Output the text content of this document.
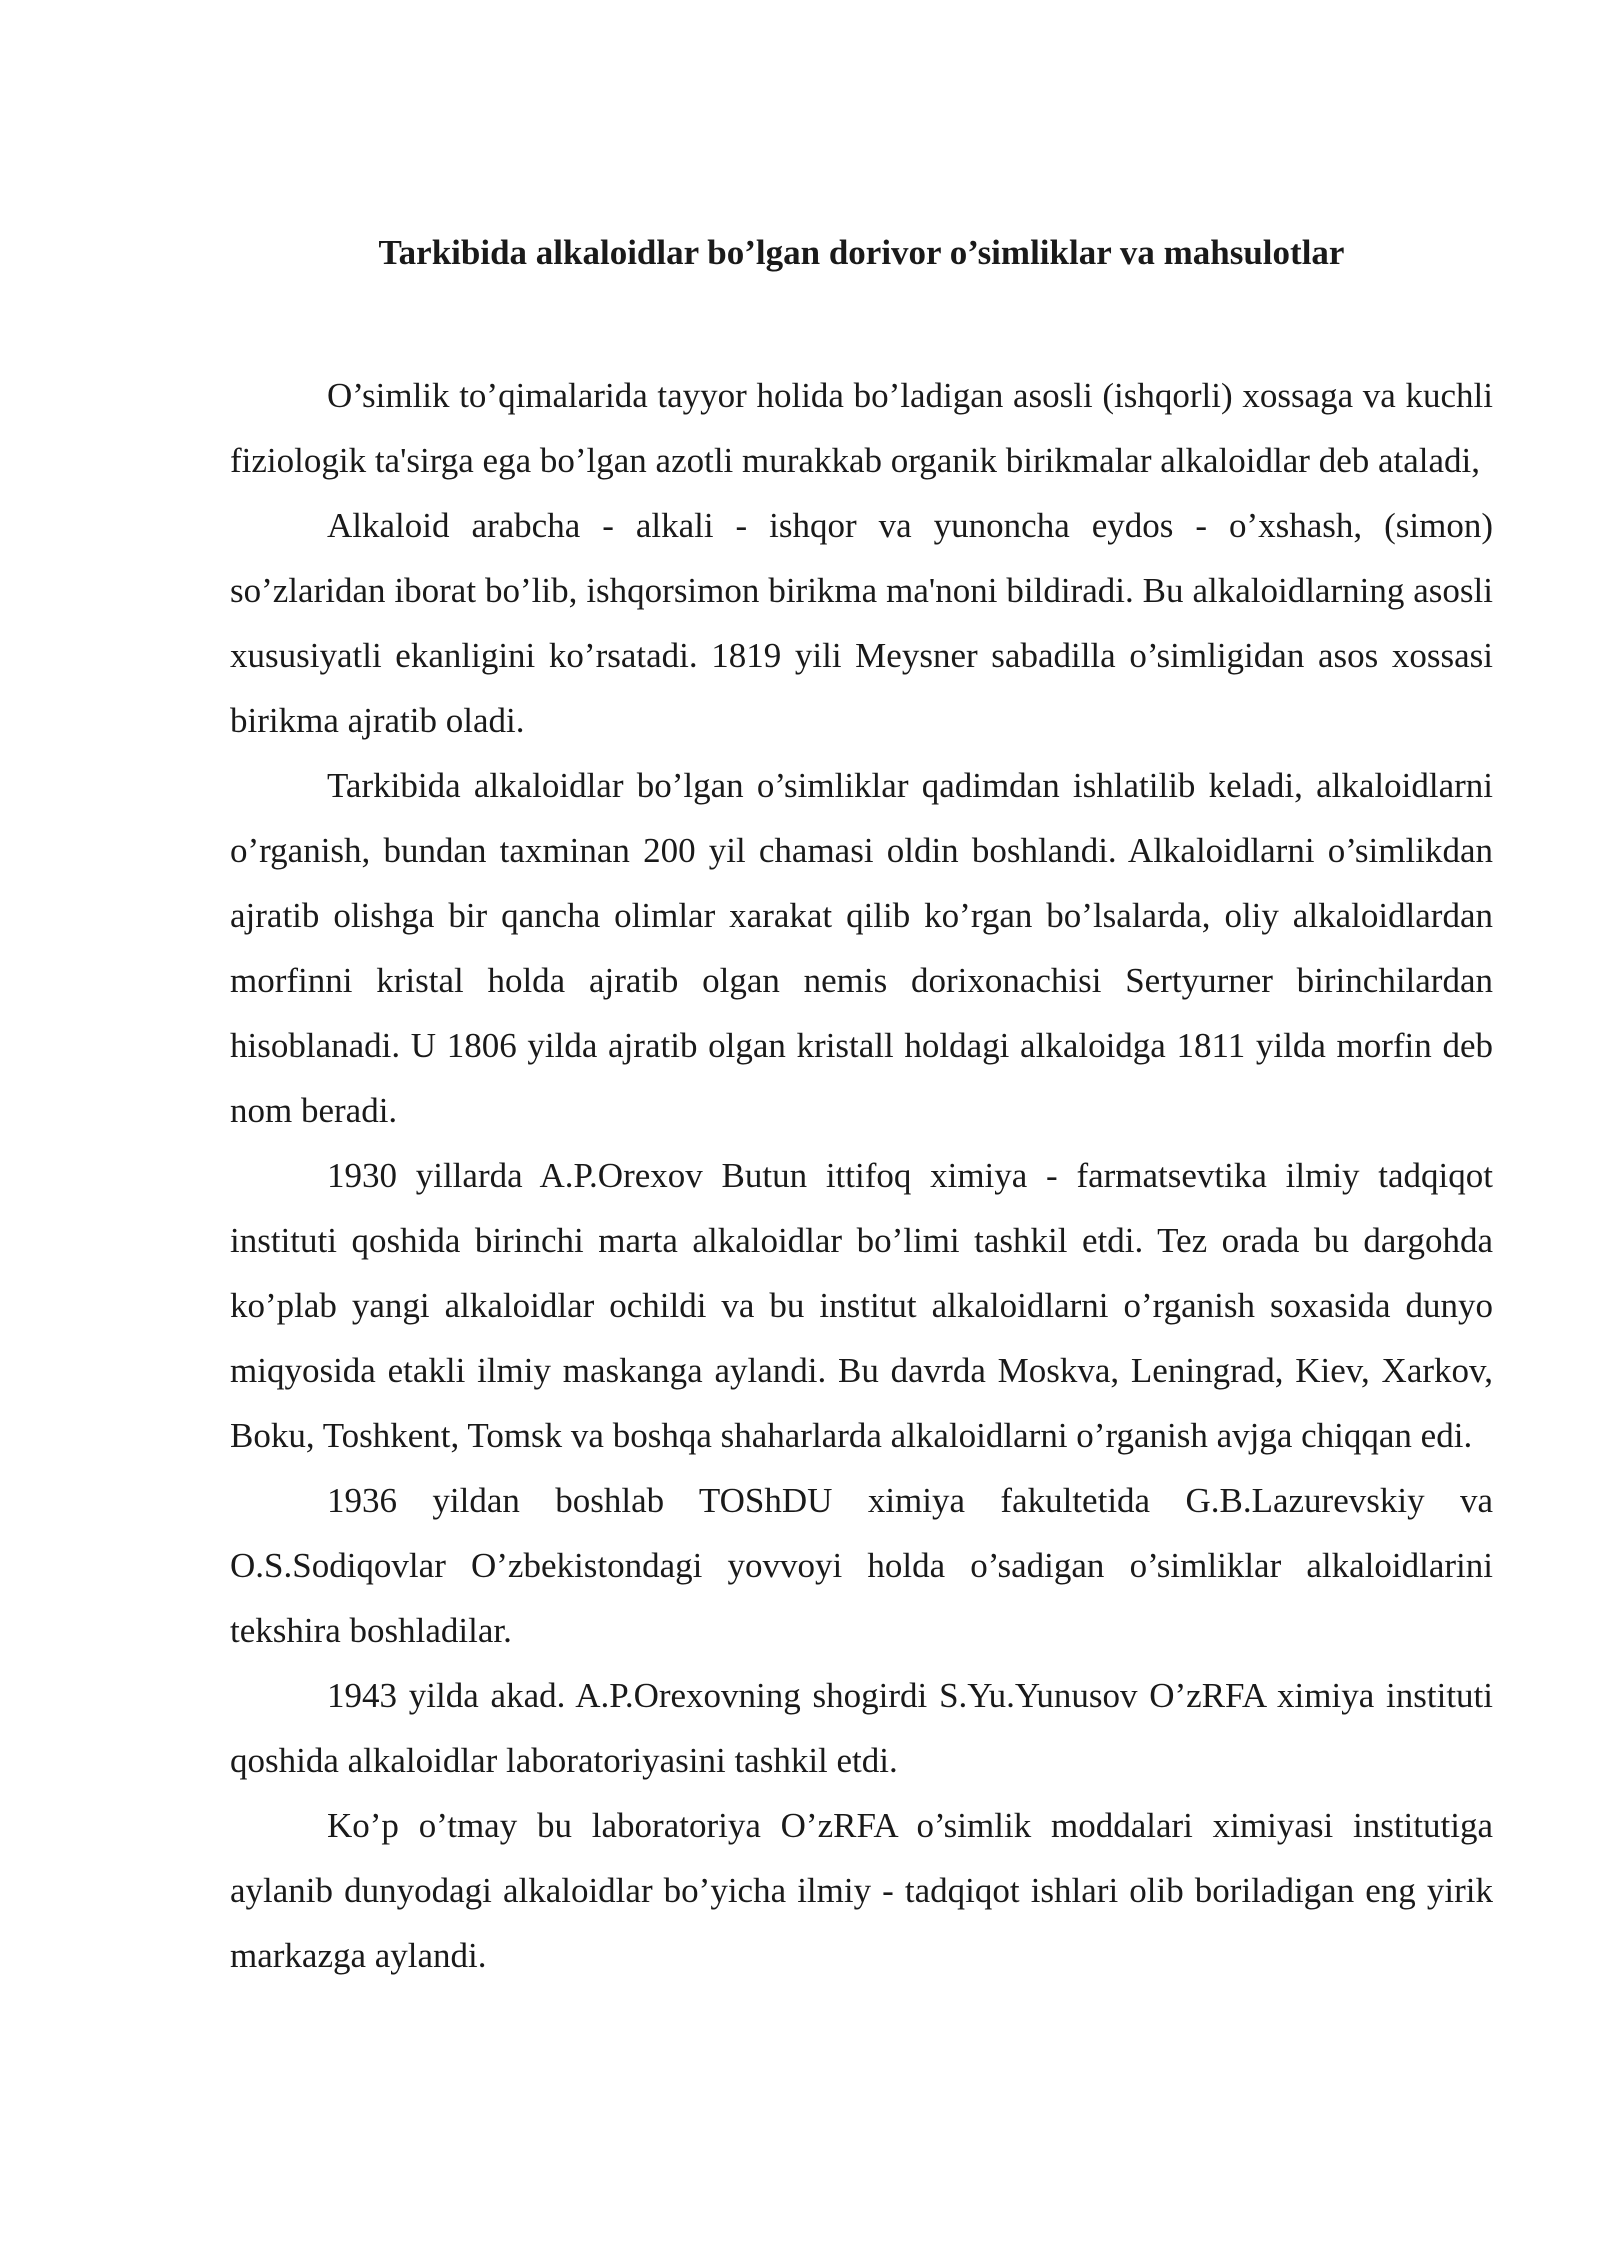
Tarkibida alkaloidlar bo’lgan dorivor o’simliklar va mahsulotlar

O’simlik to’qimalarida tayyor holida bo’ladigan asosli (ishqorli) xossaga va kuchli fiziologik ta'sirga ega bo’lgan azotli murakkab organik birikmalar alkaloidlar deb ataladi,

Alkaloid arabcha - alkali - ishqor va yunoncha eydos - o’xshash, (simon) so’zlaridan iborat bo’lib, ishqorsimon birikma ma'noni bildiradi. Bu alkaloidlarning asosli xususiyatli ekanligini ko’rsatadi. 1819 yili Meysner sabadilla o’simligidan asos xossasi birikma ajratib oladi.

Tarkibida alkaloidlar bo’lgan o’simliklar qadimdan ishlatilib keladi, alkaloidlarni o’rganish, bundan taxminan 200 yil chamasi oldin boshlandi. Alkaloidlarni o’simlikdan ajratib olishga bir qancha olimlar xarakat qilib ko’rgan bo’lsalarda, oliy alkaloidlardan morfinni kristal holda ajratib olgan nemis dorixonachisi Sertyurner birinchilardan hisoblanadi. U 1806 yilda ajratib olgan kristall holdagi alkaloidga 1811 yilda morfin deb nom beradi.

1930 yillarda A.P.Orexov Butun ittifoq ximiya - farmatsevtika ilmiy tadqiqot instituti qoshida birinchi marta alkaloidlar bo’limi tashkil etdi. Tez orada bu dargohda ko’plab yangi alkaloidlar ochildi va bu institut alkaloidlarni o’rganish soxasida dunyo miqyosida etakli ilmiy maskanga aylandi. Bu davrda Moskva, Leningrad, Kiev, Xarkov, Boku, Toshkent, Tomsk va boshqa shaharlarda alkaloidlarni o’rganish avjga chiqqan edi.

1936 yildan boshlab TOShDU ximiya fakultetida G.B.Lazurevskiy va O.S.Sodiqovlar O’zbekistondagi yovvoyi holda o’sadigan o’simliklar alkaloidlarini tekshira boshladilar.

1943 yilda akad. A.P.Orexovning shogirdi S.Yu.Yunusov O’zRFA ximiya instituti qoshida alkaloidlar laboratoriyasini tashkil etdi.

Ko’p o’tmay bu laboratoriya O’zRFA o’simlik moddalari ximiyasi institutiga aylanib dunyodagi alkaloidlar bo’yicha ilmiy - tadqiqot ishlari olib boriladigan eng yirik markazga aylandi.
